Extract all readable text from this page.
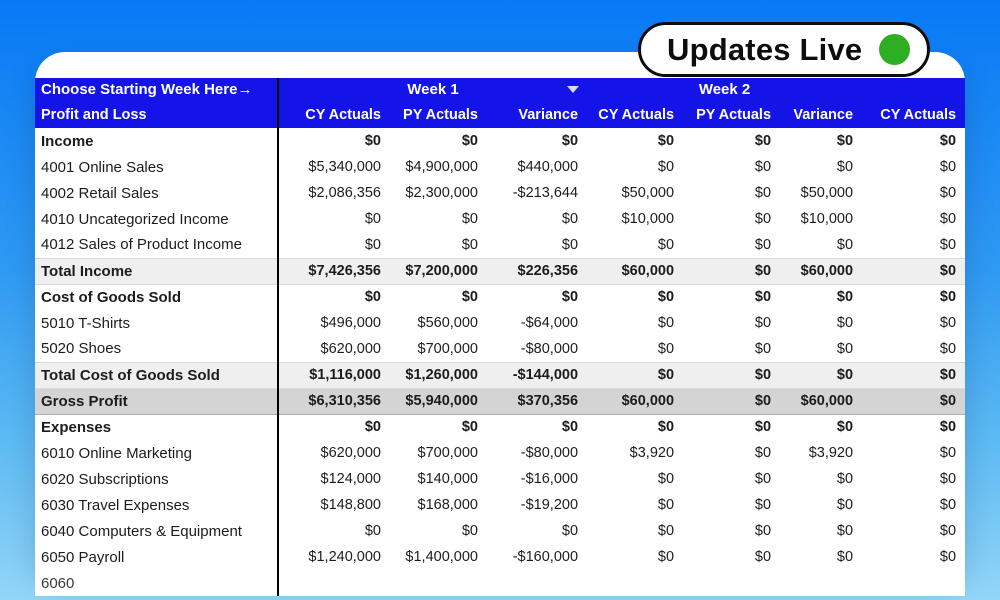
Updates Live
Choose Starting Week Here→	Week 1			Week 2			
Profit and Loss	CY Actuals	PY Actuals	Variance	CY Actuals	PY Actuals	Variance	CY Actuals
Income	$0	$0	$0	$0	$0	$0	$0
4001 Online Sales	$5,340,000	$4,900,000	$440,000	$0	$0	$0	$0
4002 Retail Sales	$2,086,356	$2,300,000	-$213,644	$50,000	$0	$50,000	$0
4010 Uncategorized Income	$0	$0	$0	$10,000	$0	$10,000	$0
4012 Sales of Product Income	$0	$0	$0	$0	$0	$0	$0
Total Income	$7,426,356	$7,200,000	$226,356	$60,000	$0	$60,000	$0
Cost of Goods Sold	$0	$0	$0	$0	$0	$0	$0
5010 T-Shirts	$496,000	$560,000	-$64,000	$0	$0	$0	$0
5020 Shoes	$620,000	$700,000	-$80,000	$0	$0	$0	$0
Total Cost of Goods Sold	$1,116,000	$1,260,000	-$144,000	$0	$0	$0	$0
Gross Profit	$6,310,356	$5,940,000	$370,356	$60,000	$0	$60,000	$0
Expenses	$0	$0	$0	$0	$0	$0	$0
6010 Online Marketing	$620,000	$700,000	-$80,000	$3,920	$0	$3,920	$0
6020 Subscriptions	$124,000	$140,000	-$16,000	$0	$0	$0	$0
6030 Travel Expenses	$148,800	$168,000	-$19,200	$0	$0	$0	$0
6040 Computers & Equipment	$0	$0	$0	$0	$0	$0	$0
6050 Payroll	$1,240,000	$1,400,000	-$160,000	$0	$0	$0	$0
6060							
